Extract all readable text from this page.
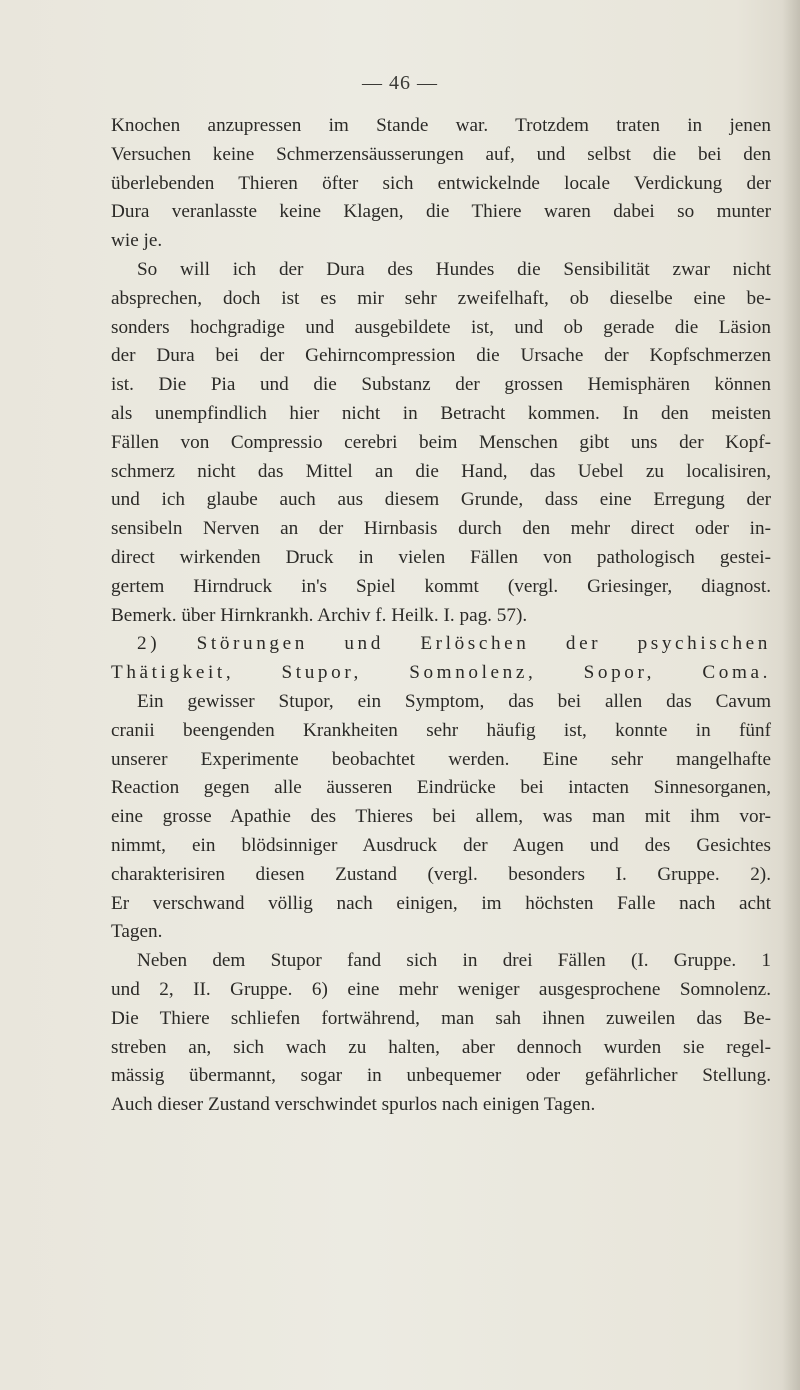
— 46 —
Knochen anzupressen im Stande war. Trotzdem traten in jenen
Versuchen keine Schmerzensäusserungen auf, und selbst die bei den
überlebenden Thieren öfter sich entwickelnde locale Verdickung der
Dura veranlasste keine Klagen, die Thiere waren dabei so munter
wie je.
So will ich der Dura des Hundes die Sensibilität zwar nicht
absprechen, doch ist es mir sehr zweifelhaft, ob dieselbe eine be-
sonders hochgradige und ausgebildete ist, und ob gerade die Läsion
der Dura bei der Gehirncompression die Ursache der Kopfschmerzen
ist. Die Pia und die Substanz der grossen Hemisphären können
als unempfindlich hier nicht in Betracht kommen. In den meisten
Fällen von Compressio cerebri beim Menschen gibt uns der Kopf-
schmerz nicht das Mittel an die Hand, das Uebel zu localisiren,
und ich glaube auch aus diesem Grunde, dass eine Erregung der
sensibeln Nerven an der Hirnbasis durch den mehr direct oder in-
direct wirkenden Druck in vielen Fällen von pathologisch gestei-
gertem Hirndruck in's Spiel kommt (vergl. Griesinger, diagnost.
Bemerk. über Hirnkrankh. Archiv f. Heilk. I. pag. 57).
2) Störungen und Erlöschen der psychischen
Thätigkeit, Stupor, Somnolenz, Sopor, Coma.
Ein gewisser Stupor, ein Symptom, das bei allen das Cavum
cranii beengenden Krankheiten sehr häufig ist, konnte in fünf
unserer Experimente beobachtet werden. Eine sehr mangelhafte
Reaction gegen alle äusseren Eindrücke bei intacten Sinnesorganen,
eine grosse Apathie des Thieres bei allem, was man mit ihm vor-
nimmt, ein blödsinniger Ausdruck der Augen und des Gesichtes
charakterisiren diesen Zustand (vergl. besonders I. Gruppe. 2).
Er verschwand völlig nach einigen, im höchsten Falle nach acht
Tagen.
Neben dem Stupor fand sich in drei Fällen (I. Gruppe. 1
und 2, II. Gruppe. 6) eine mehr weniger ausgesprochene Somnolenz.
Die Thiere schliefen fortwährend, man sah ihnen zuweilen das Be-
streben an, sich wach zu halten, aber dennoch wurden sie regel-
mässig übermannt, sogar in unbequemer oder gefährlicher Stellung.
Auch dieser Zustand verschwindet spurlos nach einigen Tagen.
